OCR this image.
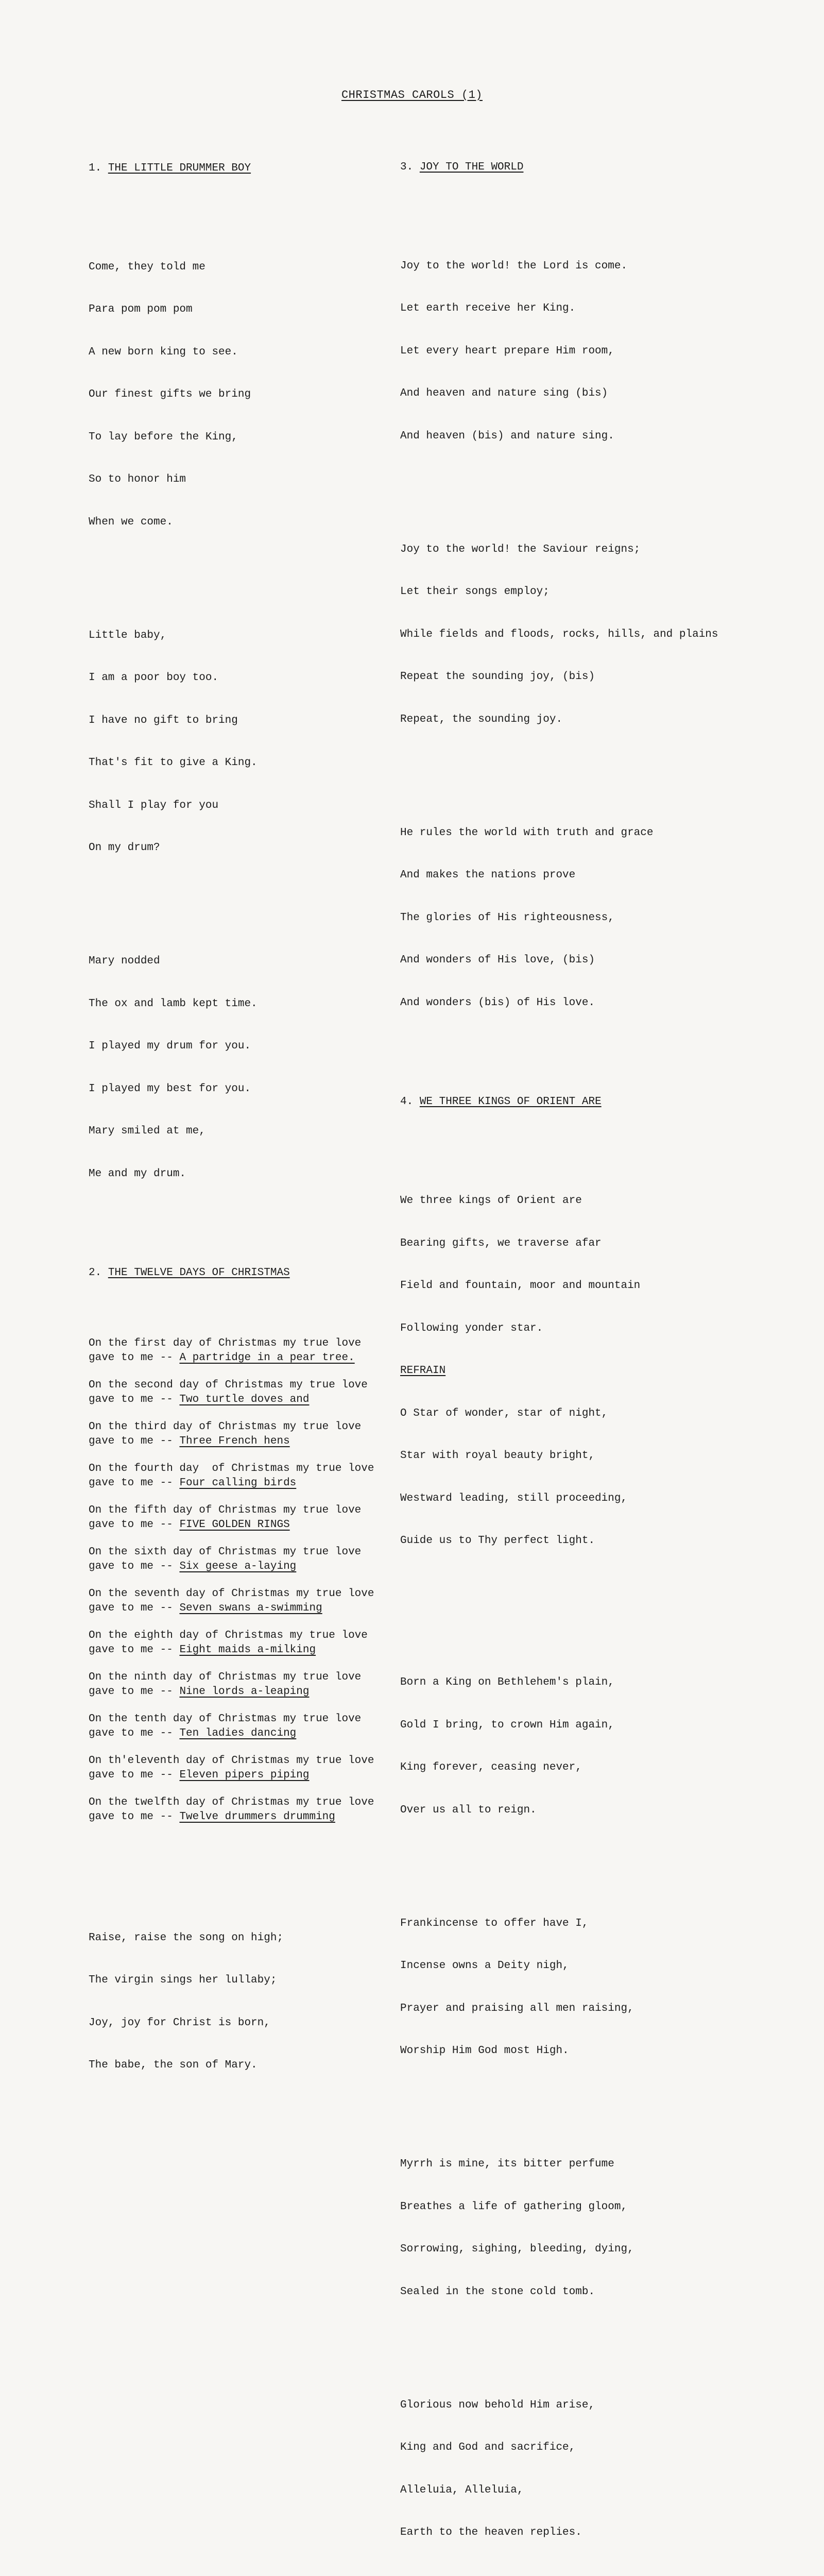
CHRISTMAS CAROLS (1)

1. THE LITTLE DRUMMER BOY

Come, they told me

Para pom pom pom

A new born king to see.

Our finest gifts we bring

To lay before the King,

So to honor him

When we come.

Little baby,

I am a poor boy too.

I have no gift to bring

That's fit to give a King.

Shall I play for you

On my drum?

Mary nodded

The ox and lamb kept time.

I played my drum for you.

I played my best for you.

Mary smiled at me,

Me and my drum.

2. THE TWELVE DAYS OF CHRISTMAS

On the first day of Christmas my true love
gave to me -- A partridge in a pear tree.
On the second day of Christmas my true love
gave to me -- Two turtle doves and
On the third day of Christmas my true love
gave to me -- Three French hens
On the fourth day  of Christmas my true love
gave to me -- Four calling birds
On the fifth day of Christmas my true love
gave to me -- FIVE GOLDEN RINGS
On the sixth day of Christmas my true love
gave to me -- Six geese a-laying
On the seventh day of Christmas my true love
gave to me -- Seven swans a-swimming
On the eighth day of Christmas my true love
gave to me -- Eight maids a-milking
On the ninth day of Christmas my true love
gave to me -- Nine lords a-leaping
On the tenth day of Christmas my true love
gave to me -- Ten ladies dancing
On th'eleventh day of Christmas my true love
gave to me -- Eleven pipers piping
On the twelfth day of Christmas my true love
gave to me -- Twelve drummers drumming

Raise, raise the song on high;

The virgin sings her lullaby;

Joy, joy for Christ is born,

The babe, the son of Mary.

3. JOY TO THE WORLD

Joy to the world! the Lord is come.

Let earth receive her King.

Let every heart prepare Him room,

And heaven and nature sing (bis)

And heaven (bis) and nature sing.

Joy to the world! the Saviour reigns;

Let their songs employ;

While fields and floods, rocks, hills, and plains

Repeat the sounding joy, (bis)

Repeat, the sounding joy.

He rules the world with truth and grace

And makes the nations prove

The glories of His righteousness,

And wonders of His love, (bis)

And wonders (bis) of His love.

4. WE THREE KINGS OF ORIENT ARE

We three kings of Orient are

Bearing gifts, we traverse afar

Field and fountain, moor and mountain

Following yonder star.

REFRAIN

O Star of wonder, star of night,

Star with royal beauty bright,

Westward leading, still proceeding,

Guide us to Thy perfect light.

Born a King on Bethlehem's plain,

Gold I bring, to crown Him again,

King forever, ceasing never,

Over us all to reign.

Frankincense to offer have I,

Incense owns a Deity nigh,

Prayer and praising all men raising,

Worship Him God most High.

Myrrh is mine, its bitter perfume

Breathes a life of gathering gloom,

Sorrowing, sighing, bleeding, dying,

Sealed in the stone cold tomb.

Glorious now behold Him arise,

King and God and sacrifice,

Alleluia, Alleluia,

Earth to the heaven replies.
